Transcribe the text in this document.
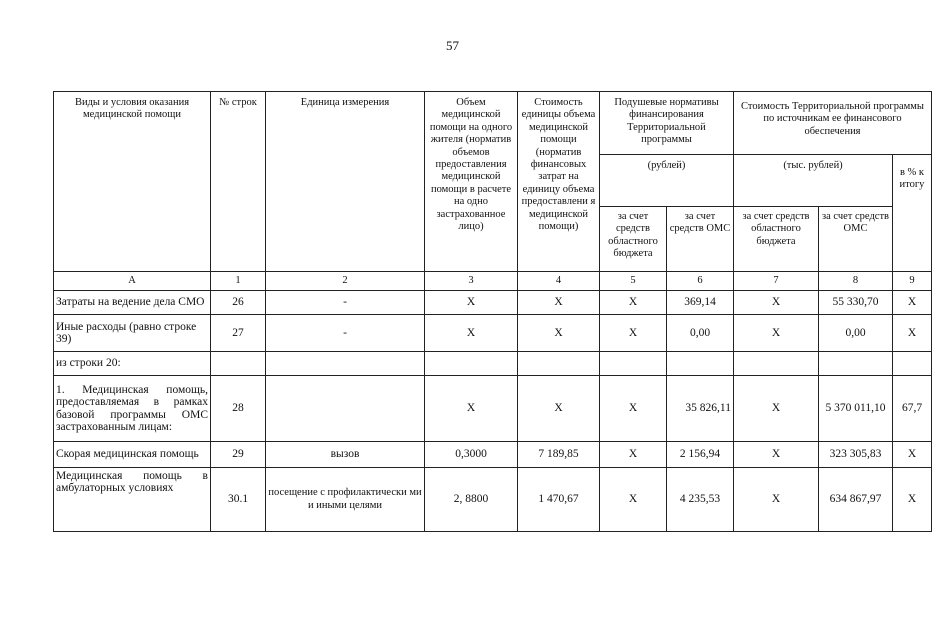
57
Виды и условия оказания медицинской помощи	№ строк	Единица измерения	Объем медицинской помощи на одного жителя (норматив объемов предоставления медицинской помощи в расчете на одно застрахованное лицо)	Стоимость единицы объема медицинской помощи (норматив финансовых затрат на единицу объема предоставлени я медицинской помощи)	Подушевые нормативы финансирования Территориальной программы		Стоимость Территориальной программы по источникам ее финансового обеспечения		
					(рублей)		(тыс. рублей)		в % к итогу
					за счет средств областного бюджета	за счет средств ОМС	за счет средств областного бюджета	за счет средств ОМС	
А	1	2	3	4	5	6	7	8	9
Затраты на ведение дела СМО	26	-	Х	Х	Х	369,14	Х	55 330,70	Х
Иные расходы (равно строке 39)	27	-	Х	Х	Х	0,00	Х	0,00	Х
из строки 20:									
1. Медицинская помощь, предоставляемая в рамках базовой программы ОМС застрахованным лицам:	28		Х	Х	Х	35 826,11	Х	5 370 011,10	67,7
Скорая медицинская помощь	29	вызов	0,3000	7 189,85	Х	2 156,94	Х	323 305,83	Х
Медицинская помощь в амбулаторных условиях	30.1	посещение с профилактически ми и иными целями	2, 8800	1 470,67	Х	4 235,53	Х	634 867,97	Х
